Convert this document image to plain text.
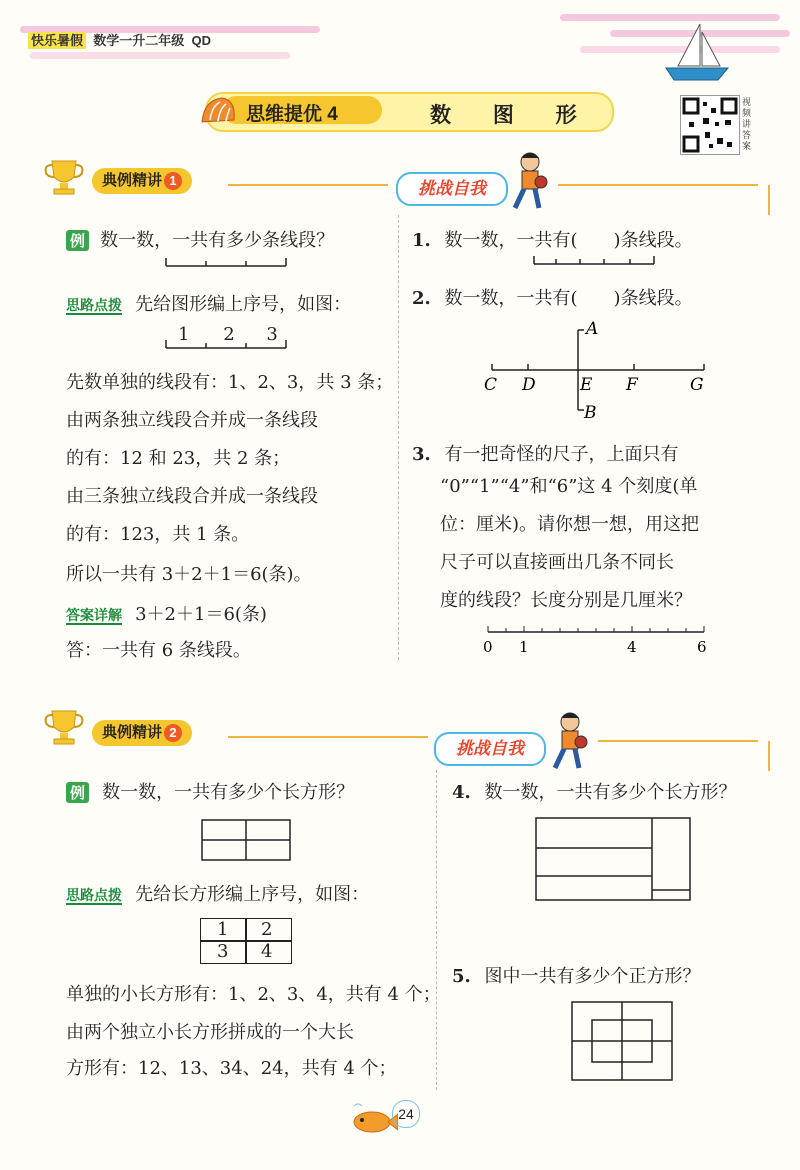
快乐暑假 数学一升二年级 QD
思维提优 4	数 图 形
视频讲答案
典例精讲 1	挑战自我
例 数一数，一共有多少条线段？
思路点拨 先给图形编上序号，如图：
1 2 3
先数单独的线段有：1、2、3，共 3 条；
由两条独立线段合并成一条线段
的有：12 和 23，共 2 条；
由三条独立线段合并成一条线段
的有：123，共 1 条。
所以一共有 3＋2＋1＝6(条)。
答案详解 3＋2＋1＝6(条)
答：一共有 6 条线段。
1. 数一数，一共有(　　)条线段。
2. 数一数，一共有(　　)条线段。
A
B
C D	E F	G
3. 有一把奇怪的尺子，上面只有
“0”“1”“4”和“6”这 4 个刻度(单
位：厘米)。请你想一想，用这把
尺子可以直接画出几条不同长
度的线段？长度分别是几厘米？
0 1	4	6
典例精讲 2
挑战自我
例 数一数，一共有多少个长方形？
思路点拨 先给长方形编上序号，如图：
1 2
3 4
单独的小长方形有：1、2、3、4，共有 4 个；
由两个独立小长方形拼成的一个大长
方形有：12、13、34、24，共有 4 个；
4. 数一数，一共有多少个长方形？
5. 图中一共有多少个正方形？
24
